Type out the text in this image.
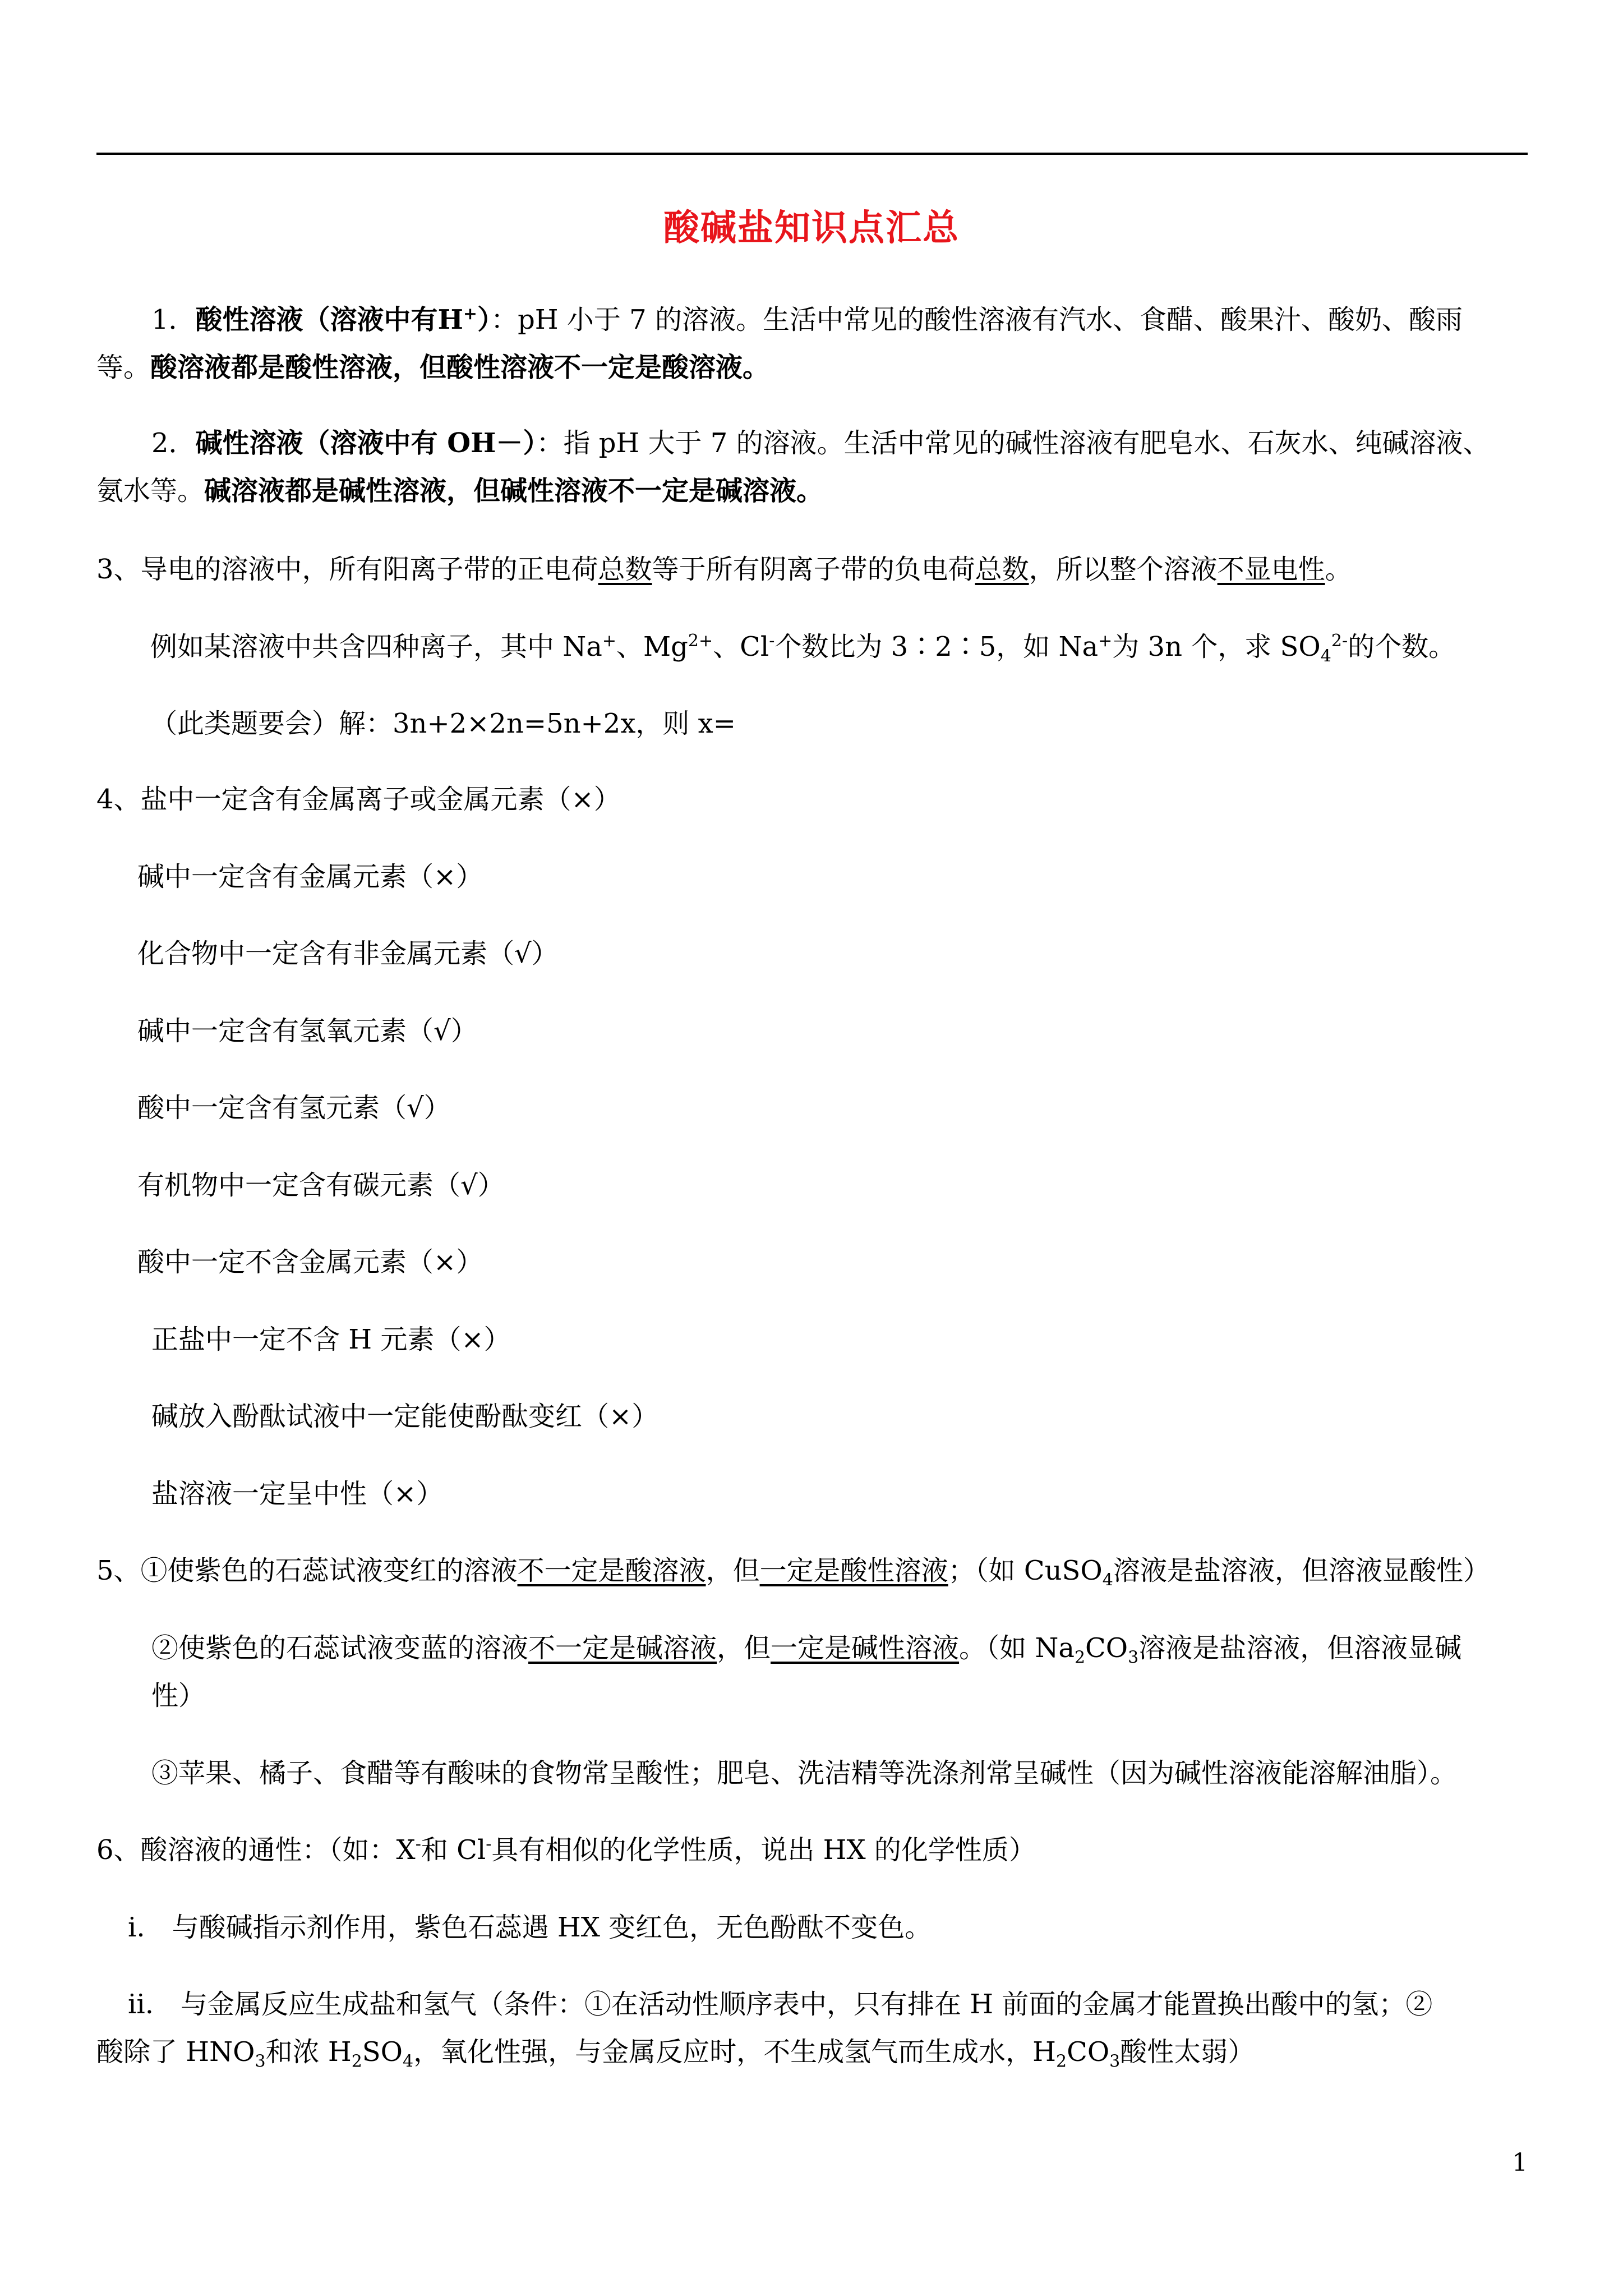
酸碱盐知识点汇总
1．酸性溶液（溶液中有H+）：pH 小于 7 的溶液。生活中常见的酸性溶液有汽水、食醋、酸果汁、酸奶、酸雨
等。酸溶液都是酸性溶液，但酸性溶液不一定是酸溶液。
2．碱性溶液（溶液中有 OH－）：指 pH 大于 7 的溶液。生活中常见的碱性溶液有肥皂水、石灰水、纯碱溶液、
氨水等。碱溶液都是碱性溶液，但碱性溶液不一定是碱溶液。
3、导电的溶液中，所有阳离子带的正电荷总数等于所有阴离子带的负电荷总数，所以整个溶液不显电性。
例如某溶液中共含四种离子，其中 Na+、$Mg^{2+}$、Cl-个数比为 3∶2∶5，如 Na+为 3n 个，求 $SO_4^{2-}$的个数。
（此类题要会）解：3n+2×2n=5n+2x，则 x=
4、盐中一定含有金属离子或金属元素（×）
碱中一定含有金属元素（×）
化合物中一定含有非金属元素（√）
碱中一定含有氢氧元素（√）
酸中一定含有氢元素（√）
有机物中一定含有碳元素（√）
酸中一定不含金属元素（×）
正盐中一定不含 H 元素（×）
碱放入酚酞试液中一定能使酚酞变红（×）
盐溶液一定呈中性（×）
5、①使紫色的石蕊试液变红的溶液不一定是酸溶液，但一定是酸性溶液；（如 CuSO$_4$溶液是盐溶液，但溶液显酸性）
②使紫色的石蕊试液变蓝的溶液不一定是碱溶液，但一定是碱性溶液。（如 $Na_2CO_3$溶液是盐溶液，但溶液显碱
性）
③苹果、橘子、食醋等有酸味的食物常呈酸性；肥皂、洗洁精等洗涤剂常呈碱性（因为碱性溶液能溶解油脂）。
6、酸溶液的通性：（如：X-和 Cl-具有相似的化学性质，说出 HX 的化学性质）
i.　与酸碱指示剂作用，紫色石蕊遇 HX 变红色，无色酚酞不变色。
ii.　与金属反应生成盐和氢气（条件：①在活动性顺序表中，只有排在 H 前面的金属才能置换出酸中的氢；②
酸除了 $HNO_3$和浓 $H_2SO_4$，氧化性强，与金属反应时，不生成氢气而生成水，$H_2CO_3$酸性太弱）
1
